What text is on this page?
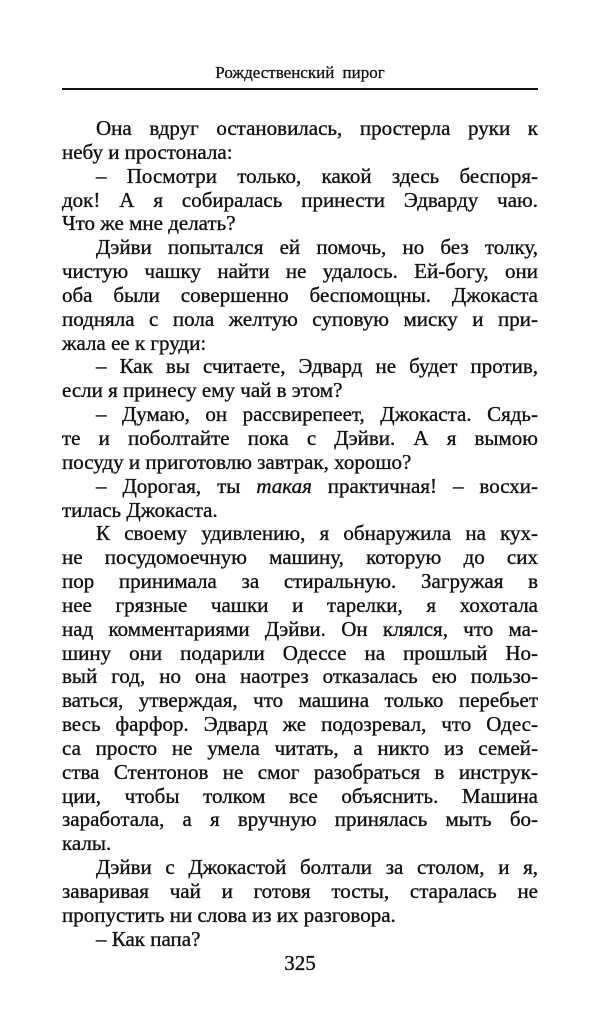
Рождественский пирог
Она вдруг остановилась, простерла руки к
небу и простонала:
– Посмотри только, какой здесь беспоря-
док! А я собиралась принести Эдварду чаю.
Что же мне делать?
Дэйви попытался ей помочь, но без толку,
чистую чашку найти не удалось. Ей-богу, они
оба были совершенно беспомощны. Джокаста
подняла с пола желтую суповую миску и при-
жала ее к груди:
– Как вы считаете, Эдвард не будет против,
если я принесу ему чай в этом?
– Думаю, он рассвирепеет, Джокаста. Сядь-
те и поболтайте пока с Дэйви. А я вымою
посуду и приготовлю завтрак, хорошо?
– Дорогая, ты такая практичная! – восхи-
тилась Джокаста.
К своему удивлению, я обнаружила на кух-
не посудомоечную машину, которую до сих
пор принимала за стиральную. Загружая в
нее грязные чашки и тарелки, я хохотала
над комментариями Дэйви. Он клялся, что ма-
шину они подарили Одессе на прошлый Но-
вый год, но она наотрез отказалась ею пользо-
ваться, утверждая, что машина только перебьет
весь фарфор. Эдвард же подозревал, что Одес-
са просто не умела читать, а никто из семей-
ства Стентонов не смог разобраться в инструк-
ции, чтобы толком все объяснить. Машина
заработала, а я вручную принялась мыть бо-
калы.
Дэйви с Джокастой болтали за столом, и я,
заваривая чай и готовя тосты, старалась не
пропустить ни слова из их разговора.
– Как папа?
325
